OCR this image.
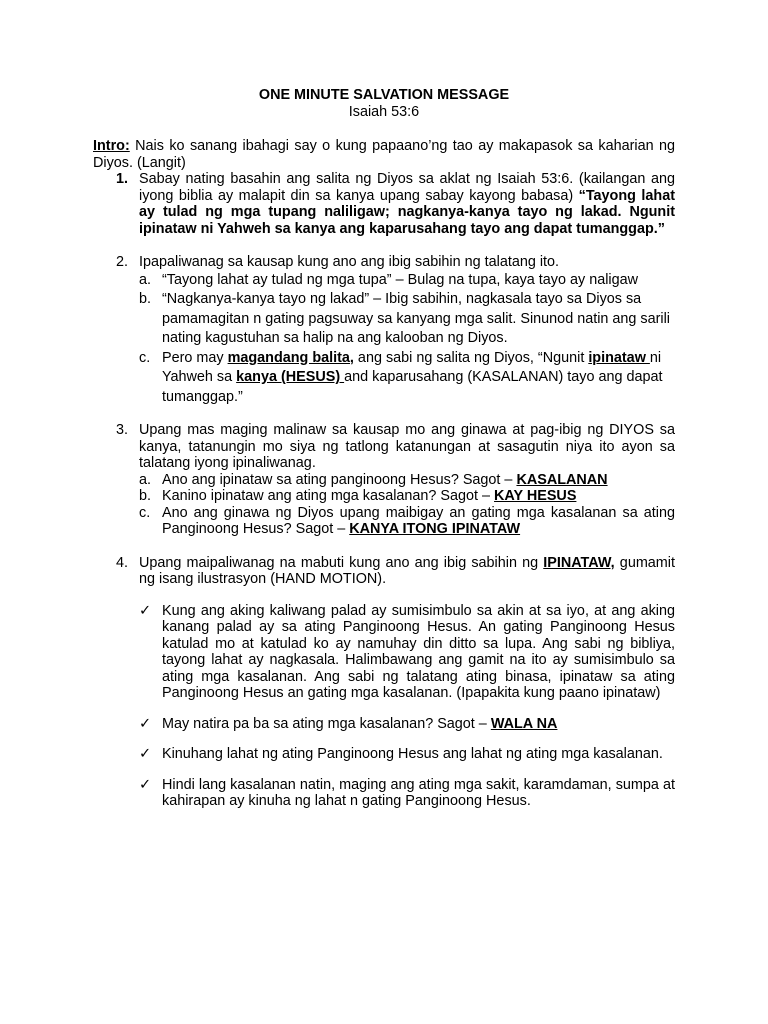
ONE MINUTE SALVATION MESSAGE
Isaiah 53:6
Intro: Nais ko sanang ibahagi say o kung papaano’ng tao ay makapasok sa kaharian ng Diyos. (Langit)
1. Sabay nating basahin ang salita ng Diyos sa aklat ng Isaiah 53:6. (kailangan ang iyong biblia ay malapit din sa kanya upang sabay kayong babasa) “Tayong lahat ay tulad ng mga tupang naliligaw; nagkanya-kanya tayo ng lakad. Ngunit ipinataw ni Yahweh sa kanya ang kaparusahang tayo ang dapat tumanggap.”
2. Ipapaliwanag sa kausap kung ano ang ibig sabihin ng talatang ito.
a. “Tayong lahat ay tulad ng mga tupa” – Bulag na tupa, kaya tayo ay naligaw
b. “Nagkanya-kanya tayo ng lakad” – Ibig sabihin, nagkasala tayo sa Diyos sa pamamagitan n gating pagsuway sa kanyang mga salit. Sinunod natin ang sarili nating kagustuhan sa halip na ang kalooban ng Diyos.
c. Pero may magandang balita, ang sabi ng salita ng Diyos, “Ngunit ipinataw ni Yahweh sa kanya (HESUS) and kaparusahang (KASALANAN) tayo ang dapat tumanggap.”
3. Upang mas maging malinaw sa kausap mo ang ginawa at pag-ibig ng DIYOS sa kanya, tatanungin mo siya ng tatlong katanungan at sasagutin niya ito ayon sa talatang iyong ipinaliwanag.
a. Ano ang ipinataw sa ating panginoong Hesus? Sagot – KASALANAN
b. Kanino ipinataw ang ating mga kasalanan? Sagot – KAY HESUS
c. Ano ang ginawa ng Diyos upang maibigay an gating mga kasalanan sa ating Panginoong Hesus? Sagot – KANYA ITONG IPINATAW
4. Upang maipaliwanag na mabuti kung ano ang ibig sabihin ng IPINATAW, gumamit ng isang ilustrasyon (HAND MOTION).
✓ Kung ang aking kaliwang palad ay sumisimbulo sa akin at sa iyo, at ang aking kanang palad ay sa ating Panginoong Hesus. An gating Panginoong Hesus katulad mo at katulad ko ay namuhay din ditto sa lupa. Ang sabi ng bibliya, tayong lahat ay nagkasala. Halimbawang ang gamit na ito ay sumisimbulo sa ating mga kasalanan. Ang sabi ng talatang ating binasa, ipinataw sa ating Panginoong Hesus an gating mga kasalanan. (Ipapakita kung paano ipinataw)
✓ May natira pa ba sa ating mga kasalanan? Sagot – WALA NA
✓ Kinuhang lahat ng ating Panginoong Hesus ang lahat ng ating mga kasalanan.
✓ Hindi lang kasalanan natin, maging ang ating mga sakit, karamdaman, sumpa at kahirapan ay kinuha ng lahat n gating Panginoong Hesus.
